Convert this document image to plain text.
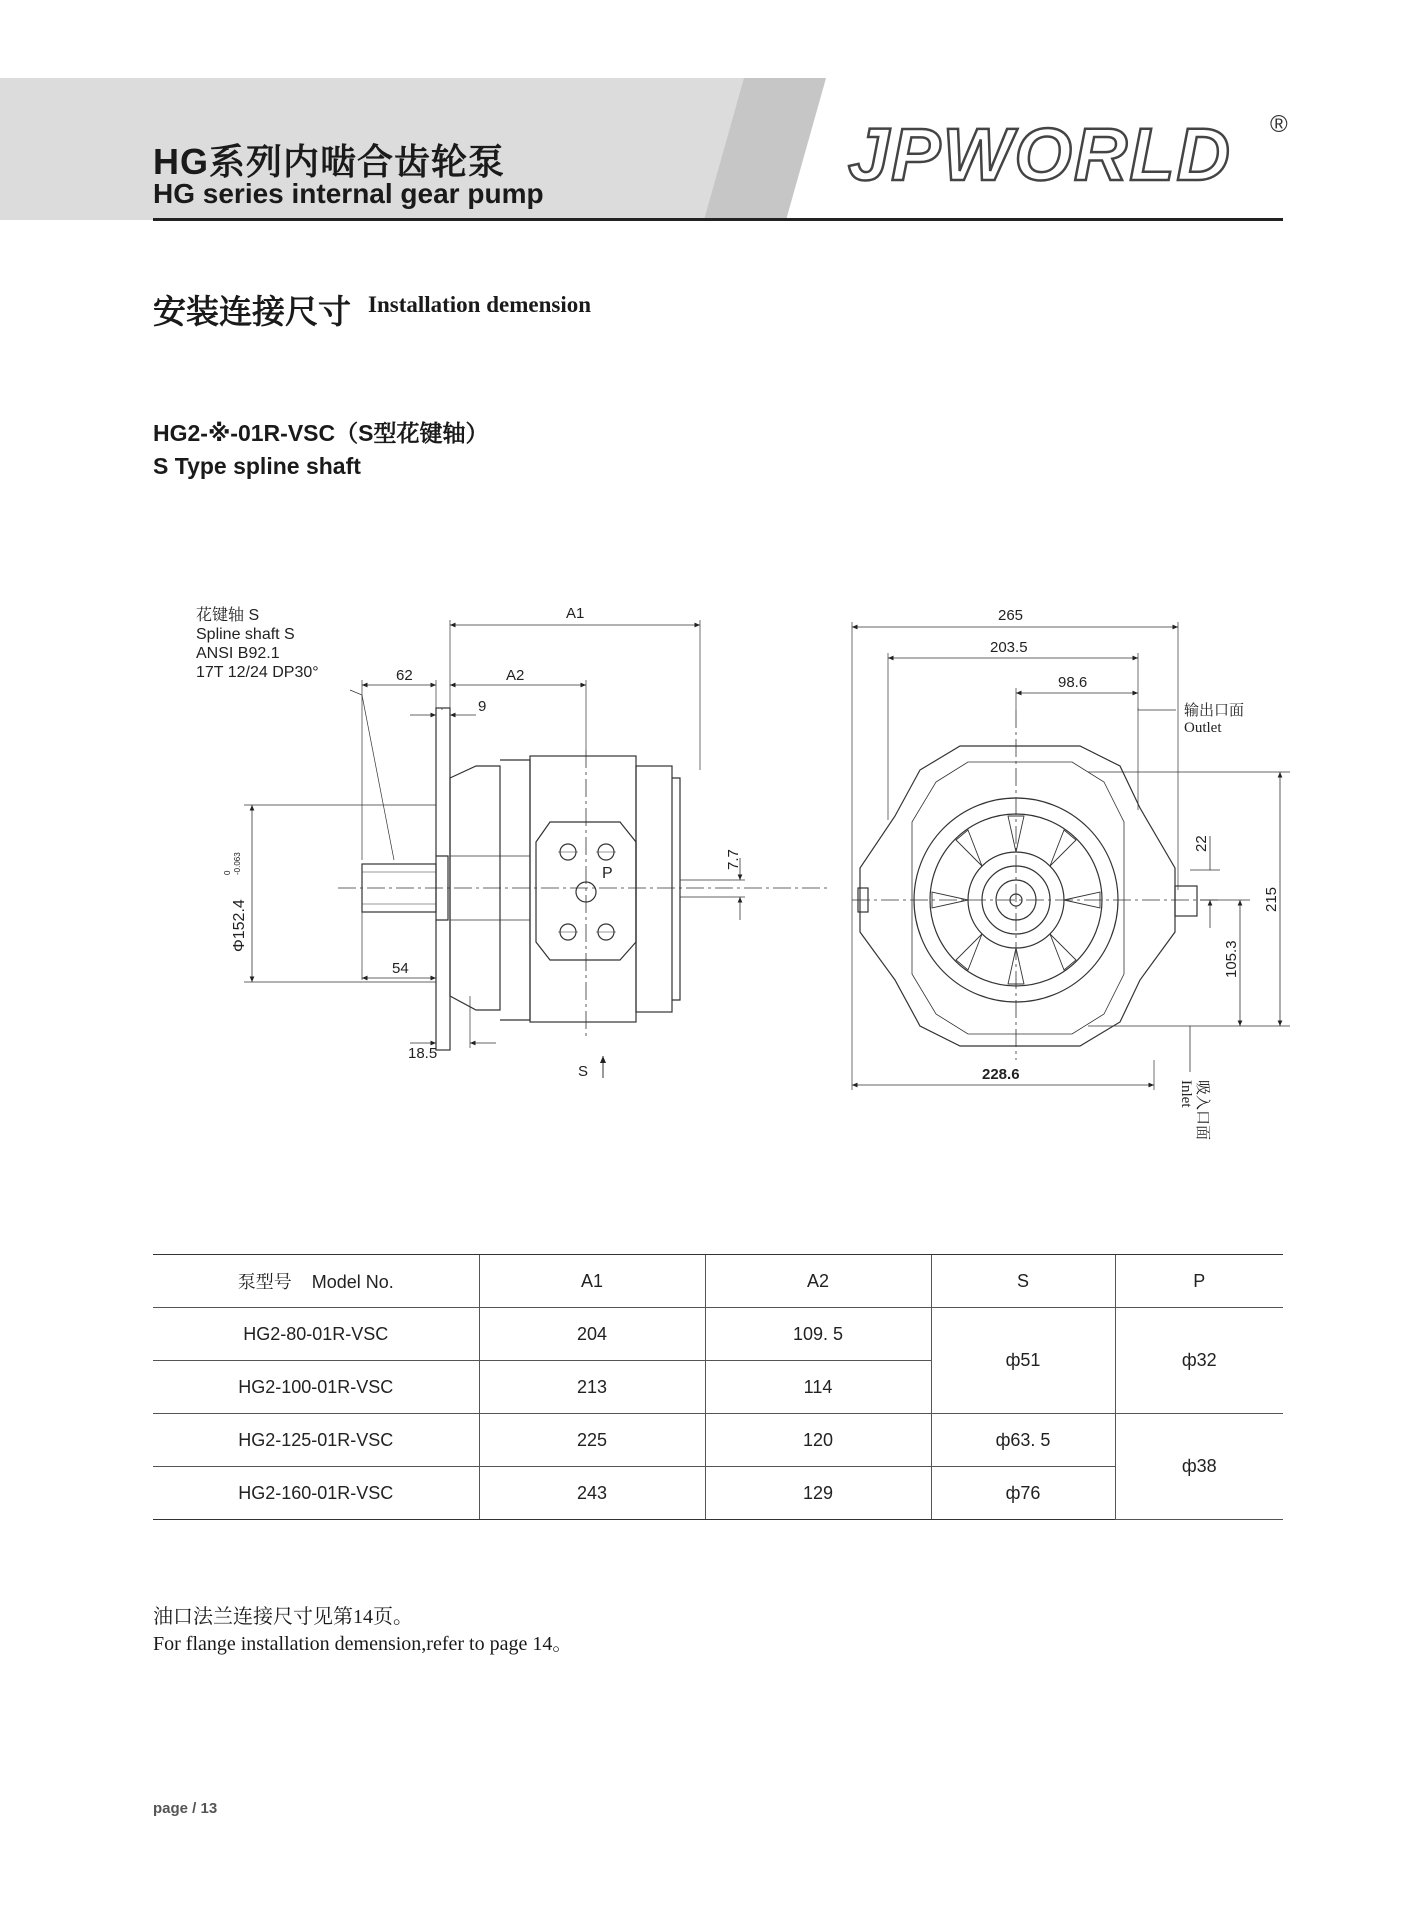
HG系列内啮合齿轮泵
HG series internal gear pump	JPWORLD ®
安装连接尺寸 Installation demension
HG2-※-01R-VSC（S型花键轴）
S Type spline shaft
花键轴 S
Spline shaft S
ANSI B92.1
17T 12/24 DP30°
A1
62	A2
9
Φ152.4
0 -0.063
54
18.5
7.7
P
S
265
203.5
98.6
输出口面
Outlet
22
215
105.3
228.6
Inlet 吸入口面
泵型号    Model No.	A1	A2	S	P
HG2-80-01R-VSC	204	109. 5	ф51	ф32
HG2-100-01R-VSC	213	114		
HG2-125-01R-VSC	225	120	ф63. 5	ф38
HG2-160-01R-VSC	243	129	ф76	
油口法兰连接尺寸见第14页。
For flange installation demension,refer to page 14。
page / 13
